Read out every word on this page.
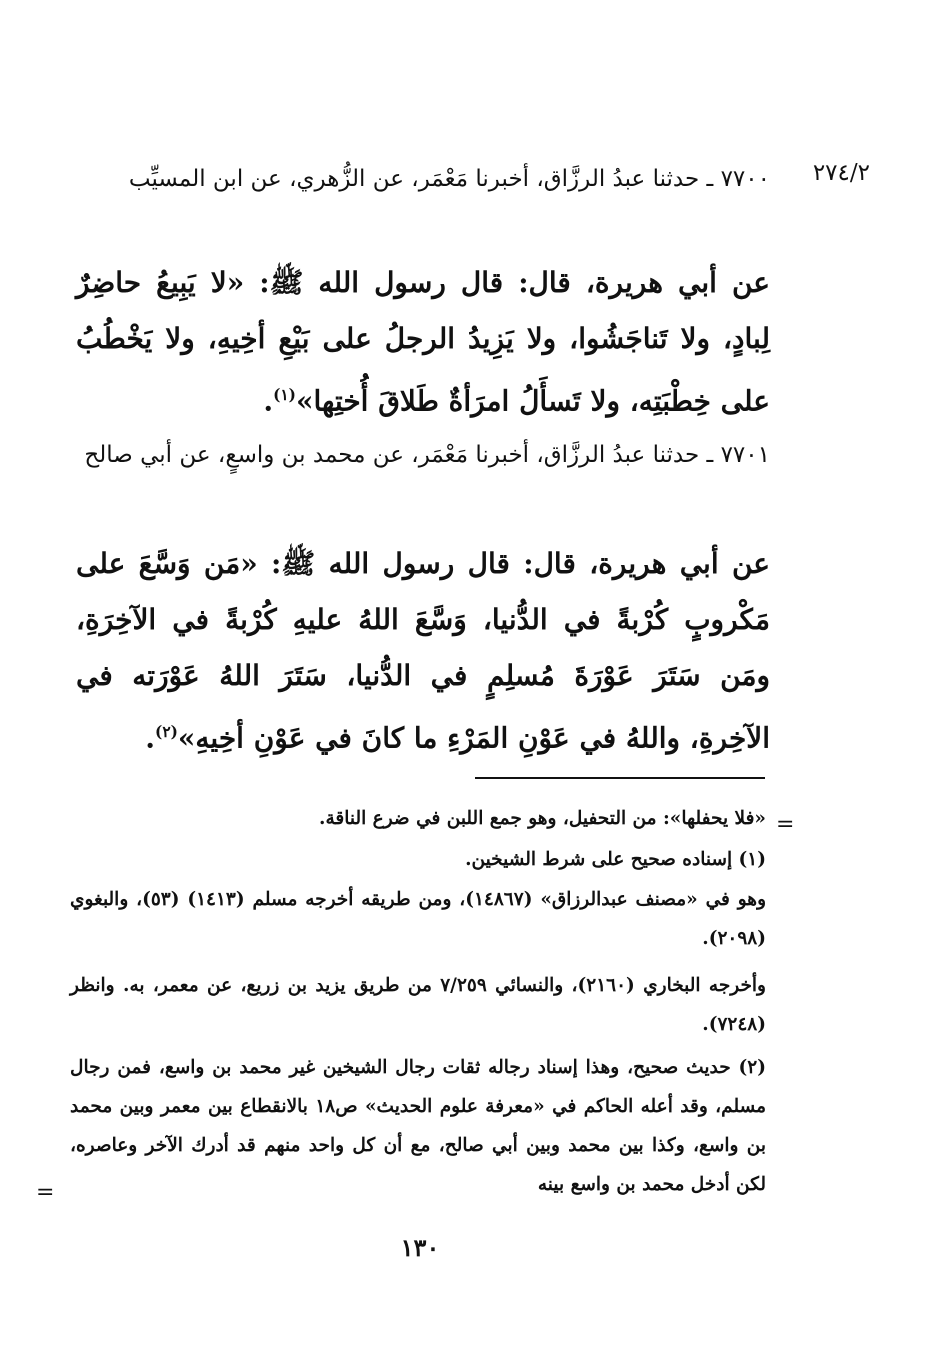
٢٧٤/٢
٧٧٠٠ ـ حدثنا عبدُ الرزَّاق، أخبرنا مَعْمَر، عن الزُّهري، عن ابن المسيِّب
عن أبي هريرة، قال: قال رسول الله ﷺ: «لا يَبِيعُ حاضِرٌ لِبادٍ، ولا تَناجَشُوا، ولا يَزِيدُ الرجلُ على بَيْعِ أخِيهِ، ولا يَخْطُبُ على خِطْبَتِه، ولا تَسأَلُ امرَأةٌ طَلاقَ أُختِها»$^{(١)}$.
٧٧٠١ ـ حدثنا عبدُ الرزَّاق، أخبرنا مَعْمَر، عن محمد بن واسعٍ، عن أبي صالح
عن أبي هريرة، قال: قال رسول الله ﷺ: «مَن وَسَّعَ على مَكْروبٍ كُرْبةً في الدُّنيا، وَسَّعَ اللهُ عليهِ كُرْبةً في الآخِرَةِ، ومَن سَتَرَ عَوْرَةَ مُسلِمٍ في الدُّنيا، سَتَرَ اللهُ عَوْرَته في الآخِرةِ، واللهُ في عَوْنِ المَرْءِ ما كانَ في عَوْنِ أخِيهِ»$^{(٢)}$.
=
«فلا يحفلها»: من التحفيل، وهو جمع اللبن في ضرع الناقة.
(١) إسناده صحيح على شرط الشيخين.
وهو في «مصنف عبدالرزاق» (١٤٨٦٧)، ومن طريقه أخرجه مسلم (١٤١٣) (٥٣)، والبغوي (٢٠٩٨).
وأخرجه البخاري (٢١٦٠)، والنسائي ٧/٢٥٩ من طريق يزيد بن زريع، عن معمر، به. وانظر (٧٢٤٨).
(٢) حديث صحيح، وهذا إسناد رجاله ثقات رجال الشيخين غير محمد بن واسع، فمن رجال مسلم، وقد أعله الحاكم في «معرفة علوم الحديث» ص١٨ بالانقطاع بين معمر وبين محمد بن واسع، وكذا بين محمد وبين أبي صالح، مع أن كل واحد منهم قد أدرك الآخر وعاصره، لكن أدخل محمد بن واسع بينه
=
١٣٠
